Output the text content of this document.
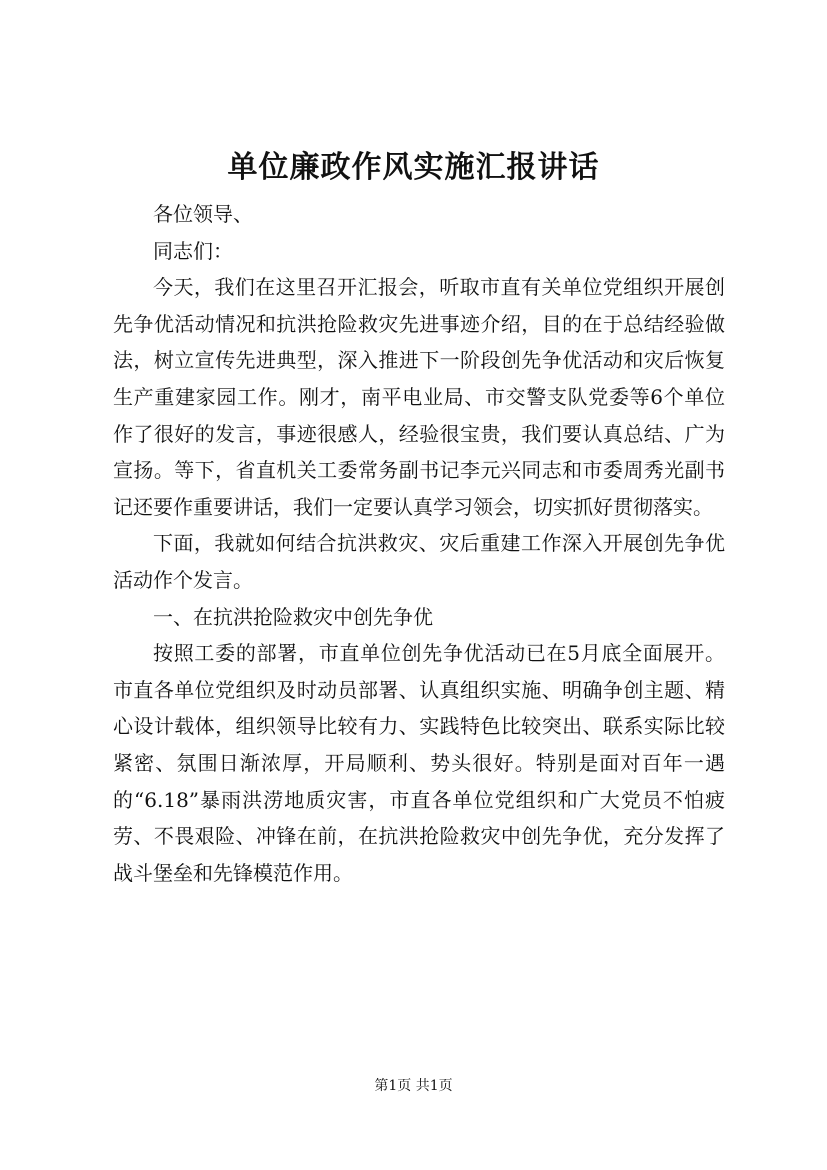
单位廉政作风实施汇报讲话

各位领导、

同志们：

今天，我们在这里召开汇报会，听取市直有关单位党组织开展创先争优活动情况和抗洪抢险救灾先进事迹介绍，目的在于总结经验做法，树立宣传先进典型，深入推进下一阶段创先争优活动和灾后恢复生产重建家园工作。刚才，南平电业局、市交警支队党委等6个单位作了很好的发言，事迹很感人，经验很宝贵，我们要认真总结、广为宣扬。等下，省直机关工委常务副书记李元兴同志和市委周秀光副书记还要作重要讲话，我们一定要认真学习领会，切实抓好贯彻落实。

下面，我就如何结合抗洪救灾、灾后重建工作深入开展创先争优活动作个发言。

一、在抗洪抢险救灾中创先争优

按照工委的部署，市直单位创先争优活动已在5月底全面展开。市直各单位党组织及时动员部署、认真组织实施、明确争创主题、精心设计载体，组织领导比较有力、实践特色比较突出、联系实际比较紧密、氛围日渐浓厚，开局顺利、势头很好。特别是面对百年一遇的“6.18”暴雨洪涝地质灾害，市直各单位党组织和广大党员不怕疲劳、不畏艰险、冲锋在前，在抗洪抢险救灾中创先争优，充分发挥了战斗堡垒和先锋模范作用。

第1页 共1页
